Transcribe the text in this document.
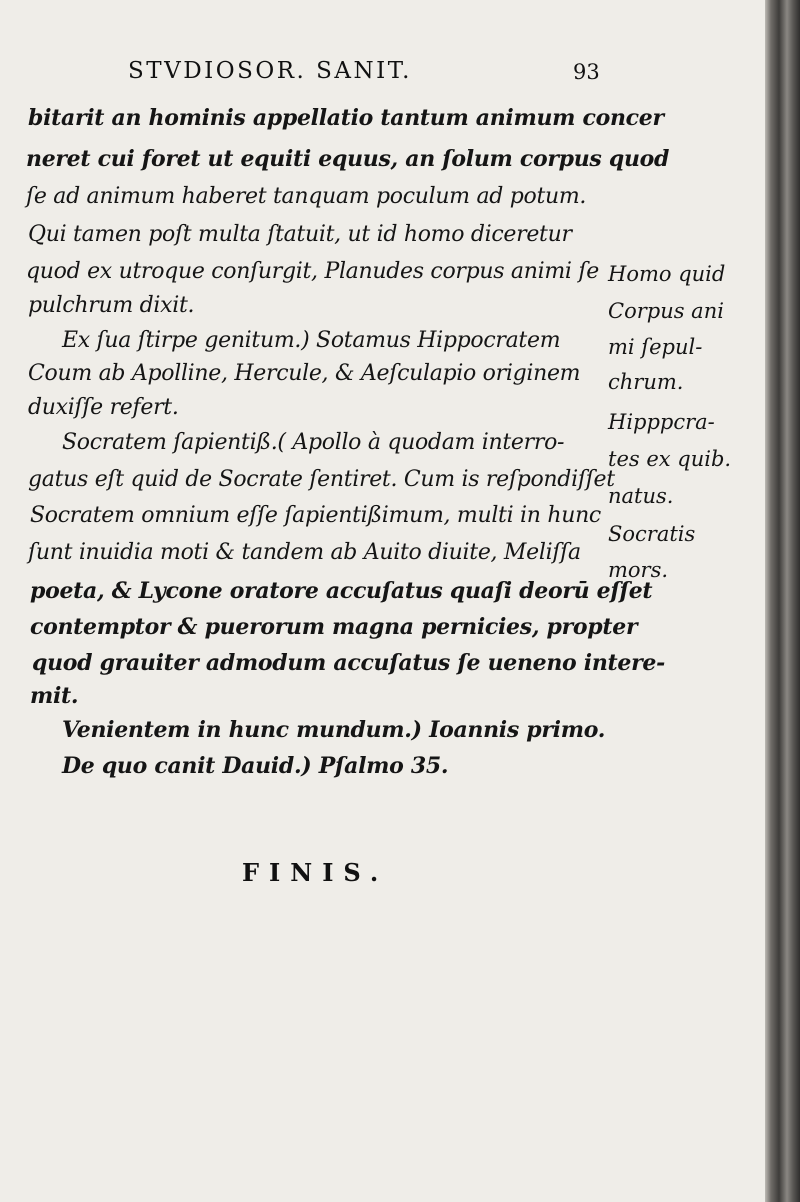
STVDIOSOR. SANIT.	93
bitarit an hominis appellatio tantum animum concer
neret cui foret ut equiti equus, an ſolum corpus quod
ſe ad animum haberet tanquam poculum ad potum.
Qui tamen poſt multa ſtatuit, ut id homo diceretur
quod ex utroque conſurgit, Planudes corpus animi ſe
pulchrum dixit.
Ex ſua ſtirpe genitum.) Sotamus Hippocratem
Coum ab Apolline, Hercule, & Aeſculapio originem
duxiſſe refert.
Socratem ſapientiß.( Apollo à quodam interro-
gatus eſt quid de Socrate ſentiret. Cum is reſpondiſſet
Socratem omnium eſſe ſapientißimum, multi in hunc
ſunt inuidia moti & tandem ab Auito diuite, Meliſſa
poeta, & Lycone oratore accuſatus quaſi deorū eſſet
contemptor & puerorum magna pernicies, propter
quod grauiter admodum accuſatus ſe ueneno intere-
mit.
Venientem in hunc mundum.) Ioannis primo.
De quo canit Dauid.) Pſalmo 35.
Homo quid
Corpus ani
mi ſepul-
chrum.
Hipppcra-
tes ex quib.
natus.
Socratis
mors.
FINIS.
